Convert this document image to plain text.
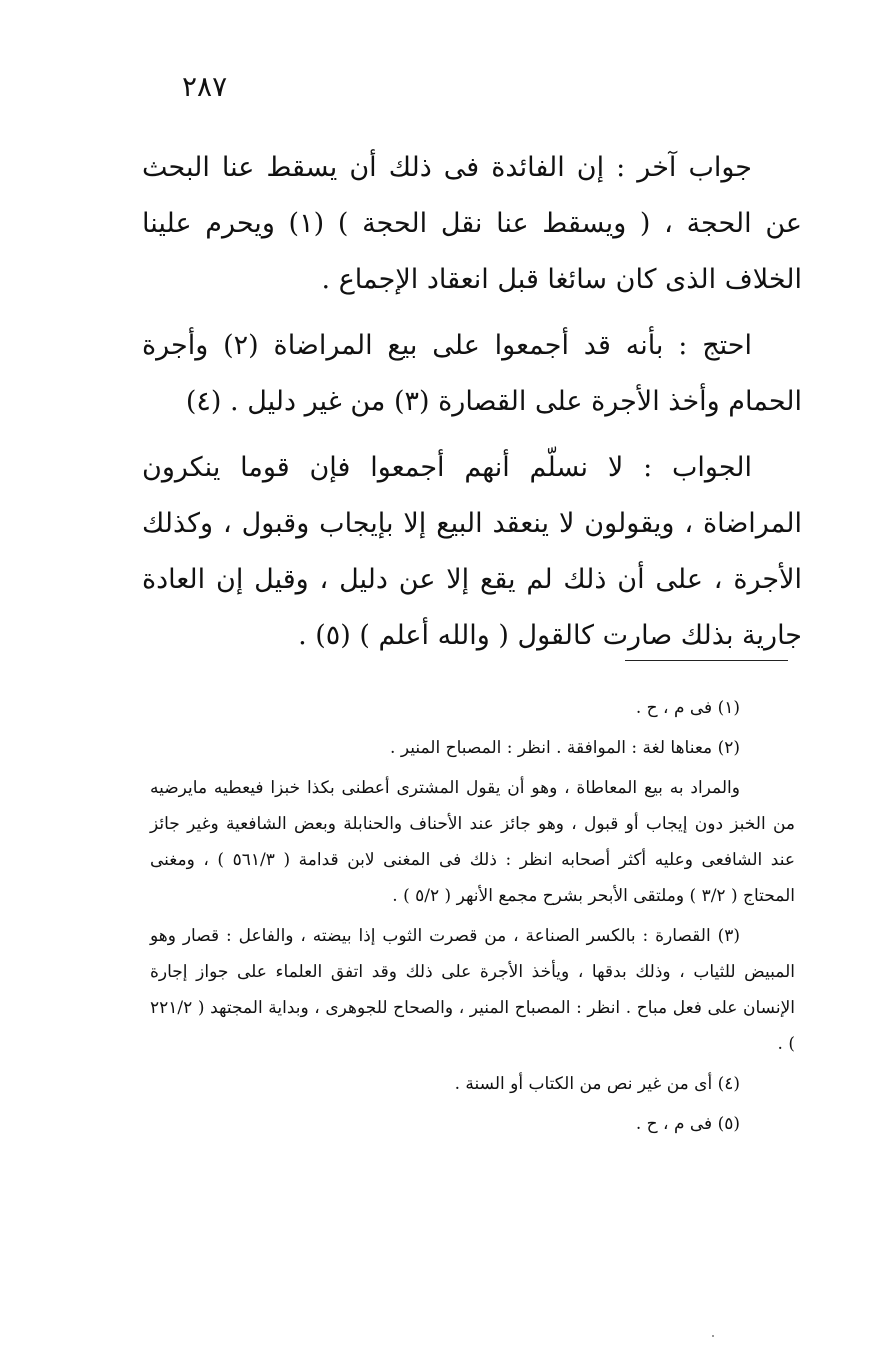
٢٨٧

جواب آخر : إن الفائدة فى ذلك أن يسقط عنا البحث عن الحجة ، ( ويسقط عنا نقل الحجة ) (١) ويحرم علينا الخلاف الذى كان سائغا قبل انعقاد الإجماع .

احتج : بأنه قد أجمعوا على بيع المراضاة (٢) وأجرة الحمام وأخذ الأجرة على القصارة (٣) من غير دليل . (٤)

الجواب : لا نسلّم أنهم أجمعوا فإن قوما ينكرون المراضاة ، ويقولون لا ينعقد البيع إلا بإيجاب وقبول ، وكذلك الأجرة ، على أن ذلك لم يقع إلا عن دليل ، وقيل إن العادة جارية بذلك صارت كالقول ( والله أعلم ) (٥) .

(١) فى م ، ح .

(٢) معناها لغة : الموافقة . انظر : المصباح المنير .

والمراد به بيع المعاطاة ، وهو أن يقول المشترى أعطنى بكذا خبزا فيعطيه مايرضيه من الخبز دون إيجاب أو قبول ، وهو جائز عند الأحناف والحنابلة وبعض الشافعية وغير جائز عند الشافعى وعليه أكثر أصحابه انظر : ذلك فى المغنى لابن قدامة ( ٥٦١/٣ ) ، ومغنى المحتاج ( ٣/٢ ) وملتقى الأبحر بشرح مجمع الأنهر ( ٥/٢ ) .

(٣) القصارة : بالكسر الصناعة ، من قصرت الثوب إذا بيضته ، والفاعل : قصار وهو المبيض للثياب ، وذلك بدقها ، ويأخذ الأجرة على ذلك وقد اتفق العلماء على جواز إجارة الإنسان على فعل مباح . انظر : المصباح المنير ، والصحاح للجوهرى ، وبداية المجتهد ( ٢٢١/٢ ) .

(٤) أى من غير نص من الكتاب أو السنة .

(٥) فى م ، ح .
